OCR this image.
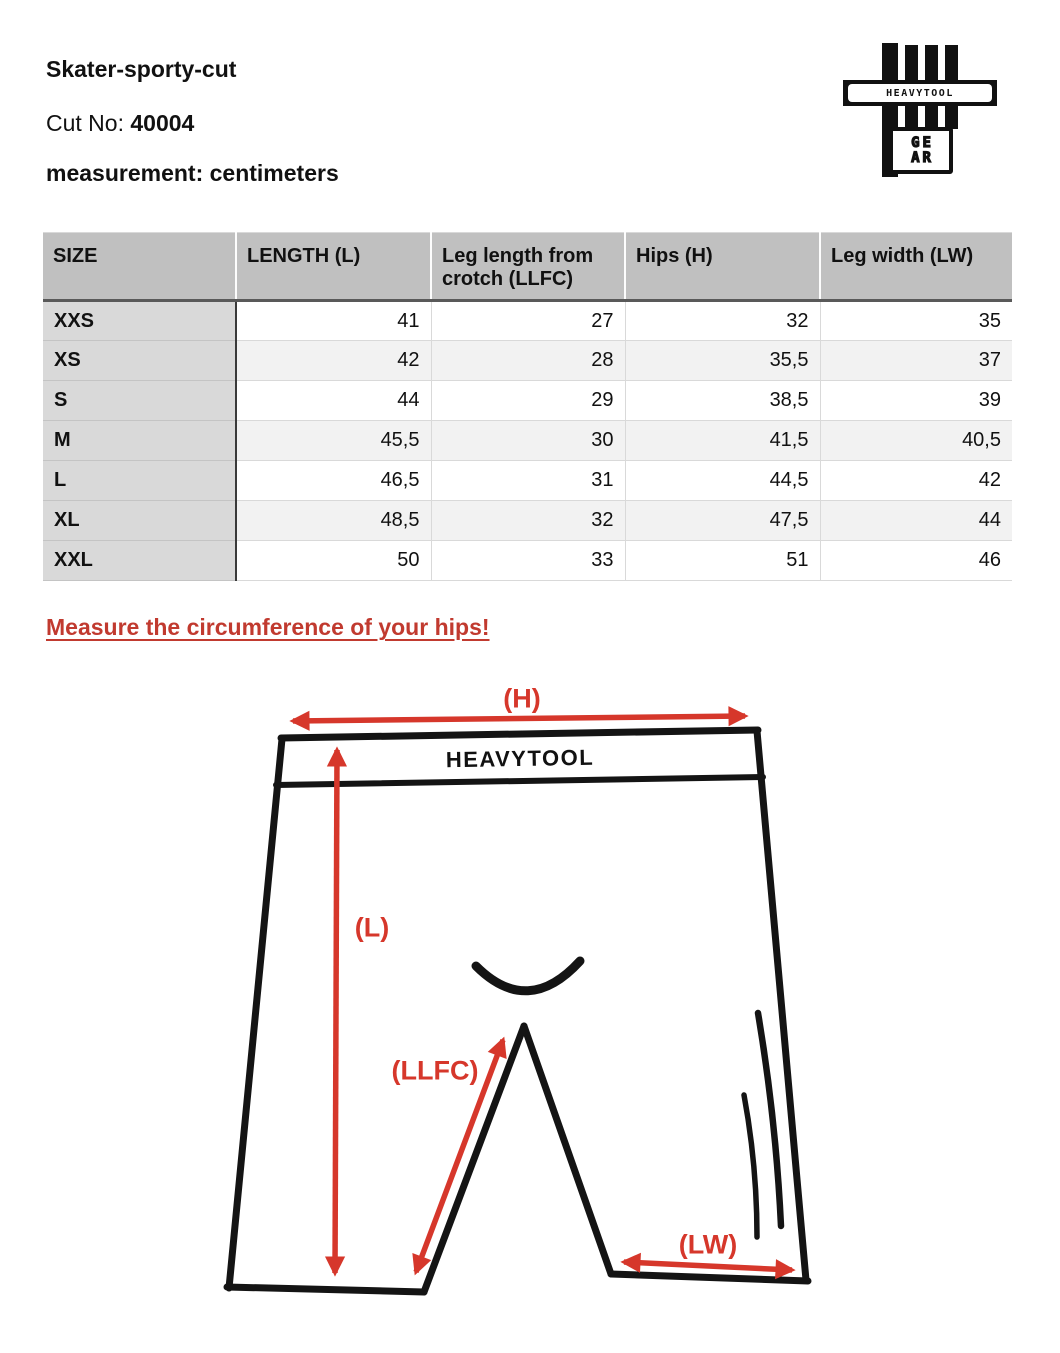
Skater-sporty-cut
Cut No: 40004
measurement: centimeters
HEAVYTOOL
GE
AR
SIZE	LENGTH (L)	Leg length from crotch (LLFC)	Hips (H)	Leg width (LW)
XXS	41	27	32	35
XS	42	28	35,5	37
S	44	29	38,5	39
M	45,5	30	41,5	40,5
L	46,5	31	44,5	42
XL	48,5	32	47,5	44
XXL	50	33	51	46
Measure the circumference of your hips!
HEAVYTOOL
(H)
(L)
(LLFC)
(LW)
